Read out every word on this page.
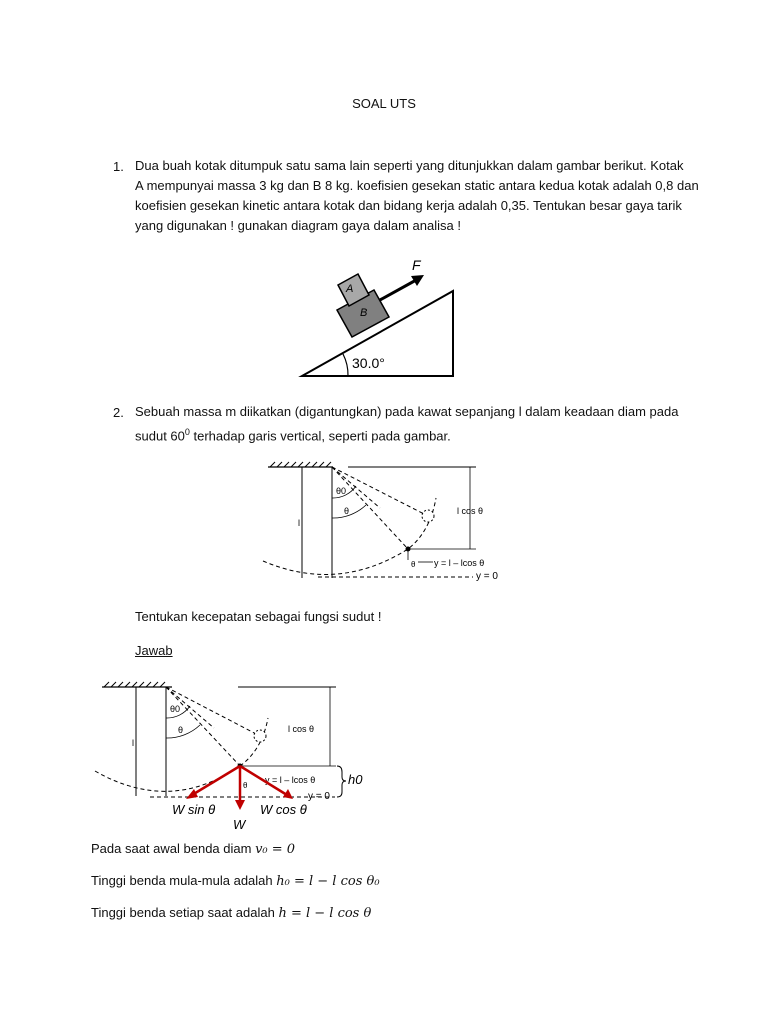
SOAL UTS
1. Dua buah kotak ditumpuk satu sama lain seperti yang ditunjukkan dalam gambar berikut. Kotak
A mempunyai massa 3 kg dan B 8 kg. koefisien gesekan static antara kedua kotak adalah 0,8 dan
koefisien gesekan kinetic antara kotak dan bidang kerja adalah 0,35. Tentukan besar gaya tarik
yang digunakan ! gunakan diagram gaya dalam analisa !
A
B
F
30.0°
2. Sebuah massa m diikatkan (digantungkan) pada kawat sepanjang l dalam keadaan diam pada
sudut $60^0$ terhadap garis vertical, seperti pada gambar.
l
θ0
θ	l cos θ
θ y = l – lcos θ
y = 0
Tentukan kecepatan sebagai fungsi sudut !
Jawab
l
θ0
θ	l cos θ
y = l – lcos θ
y = 0
h0
θ
W sin θ	W cos θ
W
Pada saat awal benda diam v₀ = 0
Tinggi benda mula-mula adalah h₀ = l − l cos θ₀
Tinggi benda setiap saat adalah h = l − l cos θ
